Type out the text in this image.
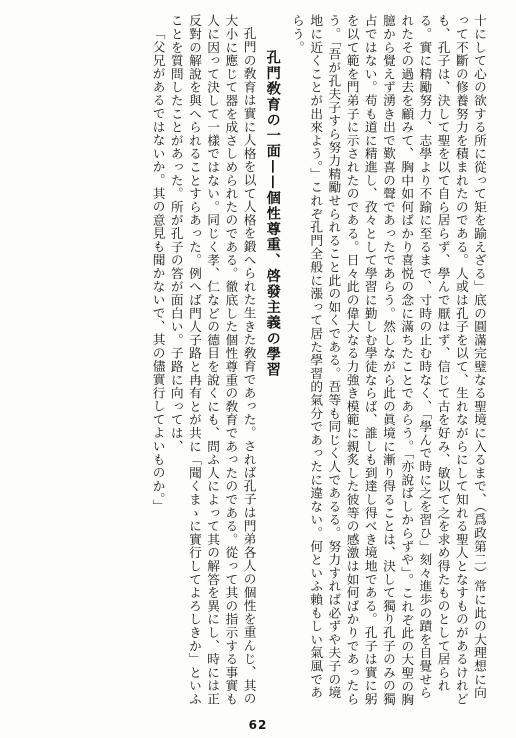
十にして心の欲する所に從って矩を踰えざる」底の圓滿完璧なる聖境に入るまで、（爲政第二）常に此の大理想に向って不斷の修養努力を積まれたのである。人或は孔子を以て、生れながらにして知れる聖人となすものがあるけれども、孔子は、決して聖を以て自ら居らず、學んで厭はず、信じて古を好み、敏以て之を求め得たものとして居られる。實に精勵努力、志學より不踰に至るまで、寸時の止む時なく、「學んで時に之を習ひ」刻々進歩の蹟を自覺せられたその過去を顧みて、胸中如何ばかり喜悦の念に滿ちたことであらう。「亦說ばしからずや」。これぞ此の大聖の胸臆から覺えず湧き出で歎喜の聲であったであらう。然しながら此の眞境に漸り得ることは、決して獨り孔子のみの獨占ではない。苟も道に精進し、孜々として學習に勤しむ學徒ならば、誰しも到達し得べき境地である。孔子は實に躬を以て範を門弟子に示されたのである。日々此の偉大なる力強き模範に親炙した彼等の感激は如何ばかりであったらう。「吾が孔夫子すら努力精勵せられること此の如くである。吾等も同じく人であるる。努力すれば必ずや夫子の境地に近くことが出來よう。」これぞ孔門全般に漲って居た學習的氣分であったに違ない。何といふ賴もしい氣風であらう。

孔門敎育の一面——個性尊重、啓發主義の學習

孔門の敎育は實に人格を以て人格を鍛へられた生きた敎育であった。されば孔子は門弟各人の個性を重んじ、其の大小に應じて器を成さしめられたのである。徹底した個性尊重の敎育であったのである。從って其の指示する事實も人に因って決して一樣ではない。同じく孝、仁などの德目を說くにも、問ふ人によって其の解答を異にし、時には正反對の解說を與へられることすらあった。例へば門人子路と冉有とが共に「聞くまゝに實行してよろしきか」といふことを質問したことがあった。所が孔子の答が面白い。子路に向っては、

「父兄があるではないか。其の意見も聞かないで、其の儘實行してよいものか。」

62
